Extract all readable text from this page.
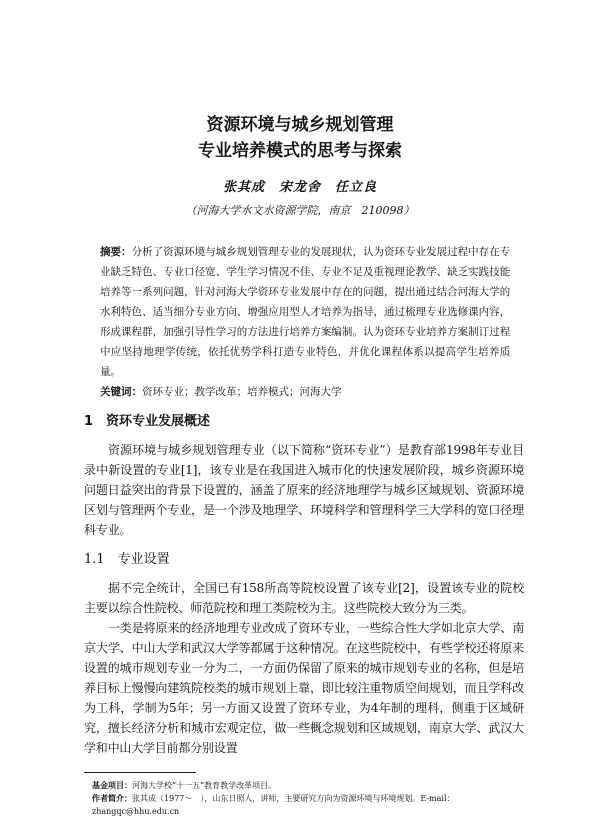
资源环境与城乡规划管理
专业培养模式的思考与探索
张其成　宋龙舍　任立良
（河海大学水文水资源学院，南京　210098）
摘要：分析了资源环境与城乡规划管理专业的发展现状，认为资环专业发展过程中存在专业缺乏特色、专业口径宽、学生学习情况不佳、专业不足及重视理论教学、缺乏实践技能培养等一系列问题，针对河海大学资环专业发展中存在的问题，提出通过结合河海大学的水利特色、适当细分专业方向、增强应用型人才培养为指导，通过梳理专业选修课内容，形成课程群，加强引导性学习的方法进行培养方案编制。认为资环专业培养方案制订过程中应坚持地理学传统，依托优势学科打造专业特色，并优化课程体系以提高学生培养质量。
关键词：资环专业；教学改革；培养模式；河海大学
1　资环专业发展概述
资源环境与城乡规划管理专业（以下简称“资环专业”）是教育部1998年专业目录中新设置的专业[1]，该专业是在我国进入城市化的快速发展阶段，城乡资源环境问题日益突出的背景下设置的，涵盖了原来的经济地理学与城乡区域规划、资源环境区划与管理两个专业，是一个涉及地理学、环境科学和管理科学三大学科的宽口径理科专业。
1.1　专业设置
据不完全统计，全国已有158所高等院校设置了该专业[2]，设置该专业的院校主要以综合性院校、师范院校和理工类院校为主。这些院校大致分为三类。
一类是将原来的经济地理专业改成了资环专业，一些综合性大学如北京大学、南京大学、中山大学和武汉大学等都属于这种情况。在这些院校中，有些学校还将原来设置的城市规划专业一分为二，一方面仍保留了原来的城市规划专业的名称，但是培养目标上慢慢向建筑院校类的城市规划上靠，即比较注重物质空间规划，而且学科改为工科，学制为5年；另一方面又设置了资环专业，为4年制的理科，侧重于区域研究，擅长经济分析和城市宏观定位，做一些概念规划和区域规划，南京大学、武汉大学和中山大学目前都分别设置
基金项目：河海大学校“十一五”教育教学改革项目。
作者简介：张其成（1977～　），山东日照人，讲师，主要研究方向为资源环境与环境规划。E-mail：zhangqc@hhu.edu.cn
